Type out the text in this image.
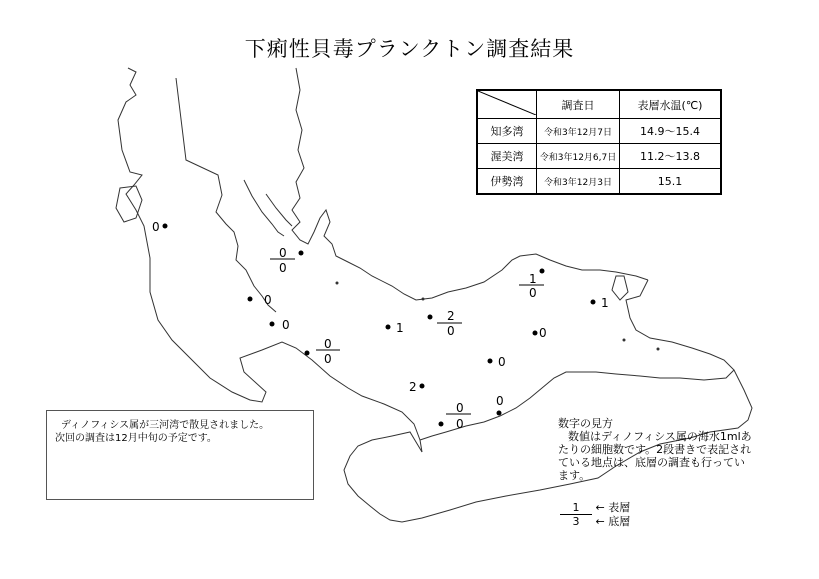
下痢性貝毒プランクトン調査結果
0
0
0
0
0
0
0
1
2
0
1
0
1
0
0
2
0
0
0
	調査日	表層水温(℃)
知多湾	令和3年12月7日	14.9～15.4
渥美湾	令和3年12月6,7日	11.2～13.8
伊勢湾	令和3年12月3日	15.1
ディノフィシス属が三河湾で散見されました。
次回の調査は12月中旬の予定です。
数字の見方
数値はディノフィシス属の海水1mlあ
たりの細胞数です。2段書きで表記され
ている地点は、底層の調査も行ってい
ます。
1 ← 表層
3 ← 底層
